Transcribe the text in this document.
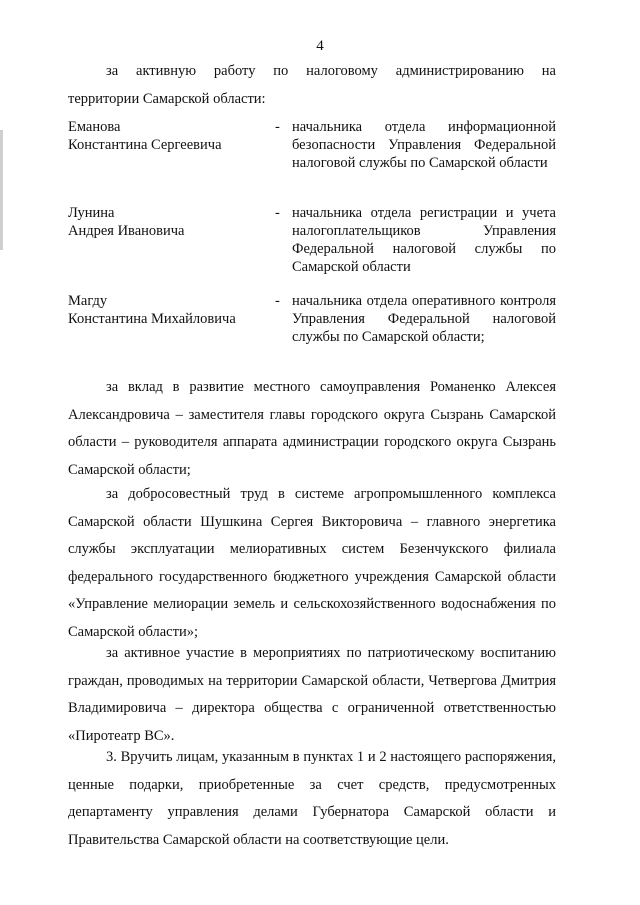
4
за активную работу по налоговому администрированию на
территории Самарской области:
Еманова
Константина Сергеевича
- начальника отдела информационной безопасности Управления Федеральной налоговой службы по Самарской области
Лунина
Андрея Ивановича
- начальника отдела регистрации и учета налогоплательщиков Управления Федеральной налоговой службы по Самарской области
Магду
Константина Михайловича
- начальника отдела оперативного контроля Управления Федеральной налоговой службы по Самарской области;
за вклад в развитие местного самоуправления Романенко Алексея Александровича – заместителя главы городского округа Сызрань Самарской области – руководителя аппарата администрации городского округа Сызрань Самарской области;
за добросовестный труд в системе агропромышленного комплекса Самарской области Шушкина Сергея Викторовича – главного энергетика службы эксплуатации мелиоративных систем Безенчукского филиала федерального государственного бюджетного учреждения Самарской области «Управление мелиорации земель и сельскохозяйственного водоснабжения по Самарской области»;
за активное участие в мероприятиях по патриотическому воспитанию граждан, проводимых на территории Самарской области, Четвергова Дмитрия Владимировича – директора общества с ограниченной ответственностью «Пиротеатр ВС».
3. Вручить лицам, указанным в пунктах 1 и 2 настоящего распоряжения, ценные подарки, приобретенные за счет средств, предусмотренных департаменту управления делами Губернатора Самарской области и Правительства Самарской области на соответствующие цели.
